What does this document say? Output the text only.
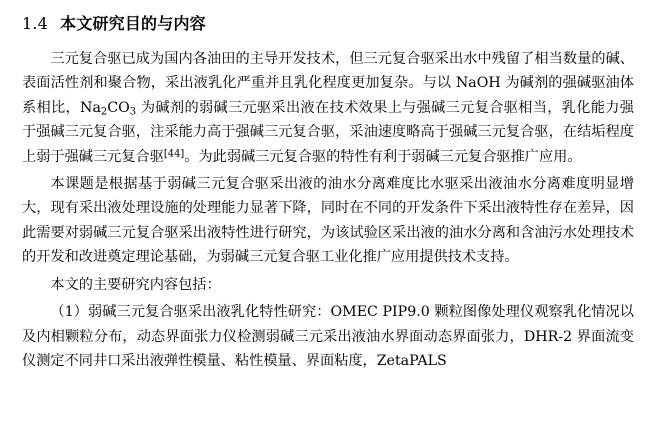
1.4 本文研究目的与内容

三元复合驱已成为国内各油田的主导开发技术，但三元复合驱采出水中残留了相当数量的碱、表面活性剂和聚合物，采出液乳化严重并且乳化程度更加复杂。与以 NaOH 为碱剂的强碱驱油体系相比，$Na_2CO_3$ 为碱剂的弱碱三元驱采出液在技术效果上与强碱三元复合驱相当，乳化能力强于强碱三元复合驱，注采能力高于强碱三元复合驱，采油速度略高于强碱三元复合驱，在结垢程度上弱于强碱三元复合驱[44]。为此弱碱三元复合驱的特性有利于弱碱三元复合驱推广应用。

本课题是根据基于弱碱三元复合驱采出液的油水分离难度比水驱采出液油水分离难度明显增大，现有采出液处理设施的处理能力显著下降，同时在不同的开发条件下采出液特性存在差异，因此需要对弱碱三元复合驱采出液特性进行研究，为该试验区采出液的油水分离和含油污水处理技术的开发和改进奠定理论基础，为弱碱三元复合驱工业化推广应用提供技术支持。

本文的主要研究内容包括：

（1）弱碱三元复合驱采出液乳化特性研究：OMEC PIP9.0 颗粒图像处理仪观察乳化情况以及内相颗粒分布，动态界面张力仪检测弱碱三元采出液油水界面动态界面张力，DHR-2 界面流变仪测定不同井口采出液弹性模量、粘性模量、界面粘度，ZetaPALS
